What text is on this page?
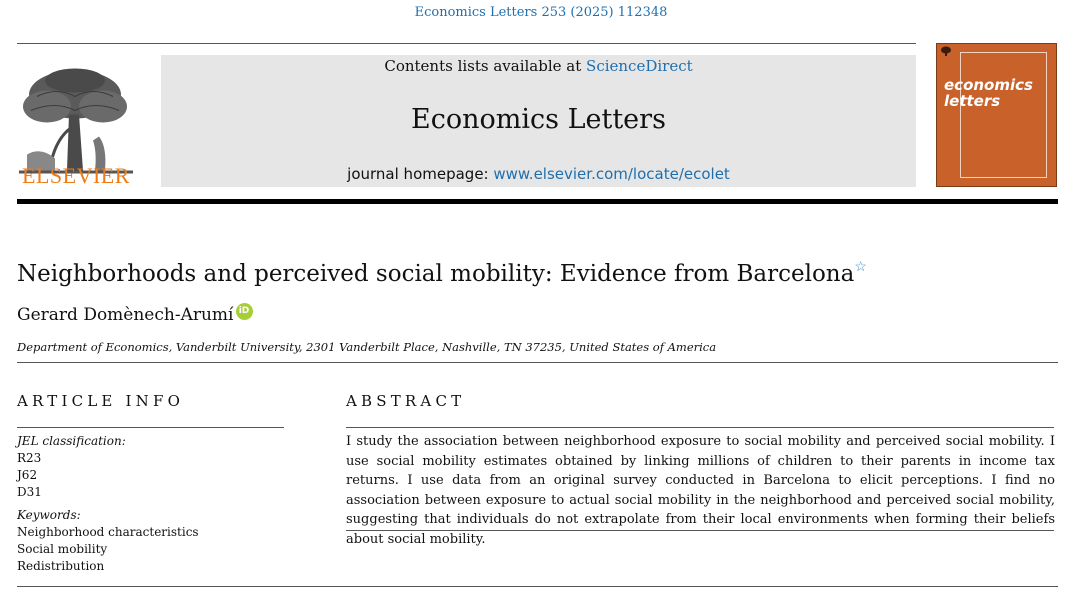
Economics Letters 253 (2025) 112348
ELSEVIER
Contents lists available at ScienceDirect
Economics Letters
journal homepage: www.elsevier.com/locate/ecolet
economics
letters
Neighborhoods and perceived social mobility: Evidence from Barcelona☆
Gerard Domènech-Arumí iD
Department of Economics, Vanderbilt University, 2301 Vanderbilt Place, Nashville, TN 37235, United States of America
ARTICLE INFO
JEL classification:
R23
J62
D31
Keywords:
Neighborhood characteristics
Social mobility
Redistribution
ABSTRACT
I study the association between neighborhood exposure to social mobility and perceived social mobility. I use social mobility estimates obtained by linking millions of children to their parents in income tax returns. I use data from an original survey conducted in Barcelona to elicit perceptions. I find no association between exposure to actual social mobility in the neighborhood and perceived social mobility, suggesting that individuals do not extrapolate from their local environments when forming their beliefs about social mobility.
